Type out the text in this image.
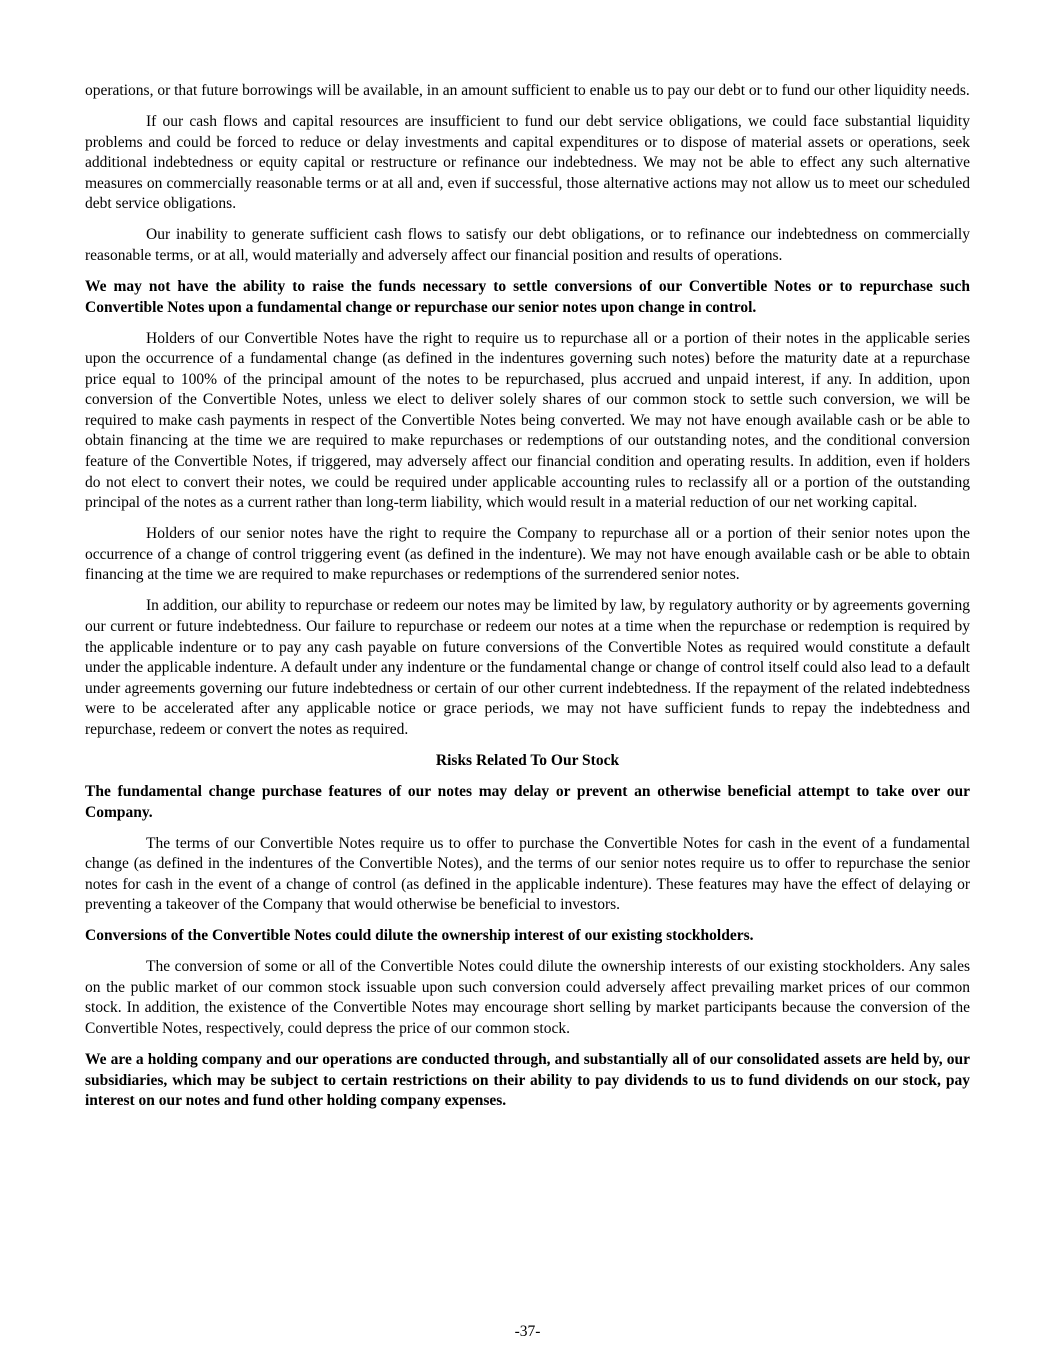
operations, or that future borrowings will be available, in an amount sufficient to enable us to pay our debt or to fund our other liquidity needs.

If our cash flows and capital resources are insufficient to fund our debt service obligations, we could face substantial liquidity problems and could be forced to reduce or delay investments and capital expenditures or to dispose of material assets or operations, seek additional indebtedness or equity capital or restructure or refinance our indebtedness. We may not be able to effect any such alternative measures on commercially reasonable terms or at all and, even if successful, those alternative actions may not allow us to meet our scheduled debt service obligations.

Our inability to generate sufficient cash flows to satisfy our debt obligations, or to refinance our indebtedness on commercially reasonable terms, or at all, would materially and adversely affect our financial position and results of operations.

We may not have the ability to raise the funds necessary to settle conversions of our Convertible Notes or to repurchase such Convertible Notes upon a fundamental change or repurchase our senior notes upon change in control.

Holders of our Convertible Notes have the right to require us to repurchase all or a portion of their notes in the applicable series upon the occurrence of a fundamental change (as defined in the indentures governing such notes) before the maturity date at a repurchase price equal to 100% of the principal amount of the notes to be repurchased, plus accrued and unpaid interest, if any. In addition, upon conversion of the Convertible Notes, unless we elect to deliver solely shares of our common stock to settle such conversion, we will be required to make cash payments in respect of the Convertible Notes being converted. We may not have enough available cash or be able to obtain financing at the time we are required to make repurchases or redemptions of our outstanding notes, and the conditional conversion feature of the Convertible Notes, if triggered, may adversely affect our financial condition and operating results. In addition, even if holders do not elect to convert their notes, we could be required under applicable accounting rules to reclassify all or a portion of the outstanding principal of the notes as a current rather than long-term liability, which would result in a material reduction of our net working capital.

Holders of our senior notes have the right to require the Company to repurchase all or a portion of their senior notes upon the occurrence of a change of control triggering event (as defined in the indenture). We may not have enough available cash or be able to obtain financing at the time we are required to make repurchases or redemptions of the surrendered senior notes.

In addition, our ability to repurchase or redeem our notes may be limited by law, by regulatory authority or by agreements governing our current or future indebtedness. Our failure to repurchase or redeem our notes at a time when the repurchase or redemption is required by the applicable indenture or to pay any cash payable on future conversions of the Convertible Notes as required would constitute a default under the applicable indenture. A default under any indenture or the fundamental change or change of control itself could also lead to a default under agreements governing our future indebtedness or certain of our other current indebtedness. If the repayment of the related indebtedness were to be accelerated after any applicable notice or grace periods, we may not have sufficient funds to repay the indebtedness and repurchase, redeem or convert the notes as required.

Risks Related To Our Stock

The fundamental change purchase features of our notes may delay or prevent an otherwise beneficial attempt to take over our Company.

The terms of our Convertible Notes require us to offer to purchase the Convertible Notes for cash in the event of a fundamental change (as defined in the indentures of the Convertible Notes), and the terms of our senior notes require us to offer to repurchase the senior notes for cash in the event of a change of control (as defined in the applicable indenture). These features may have the effect of delaying or preventing a takeover of the Company that would otherwise be beneficial to investors.

Conversions of the Convertible Notes could dilute the ownership interest of our existing stockholders.

The conversion of some or all of the Convertible Notes could dilute the ownership interests of our existing stockholders. Any sales on the public market of our common stock issuable upon such conversion could adversely affect prevailing market prices of our common stock. In addition, the existence of the Convertible Notes may encourage short selling by market participants because the conversion of the Convertible Notes, respectively, could depress the price of our common stock.

We are a holding company and our operations are conducted through, and substantially all of our consolidated assets are held by, our subsidiaries, which may be subject to certain restrictions on their ability to pay dividends to us to fund dividends on our stock, pay interest on our notes and fund other holding company expenses.

-37-
